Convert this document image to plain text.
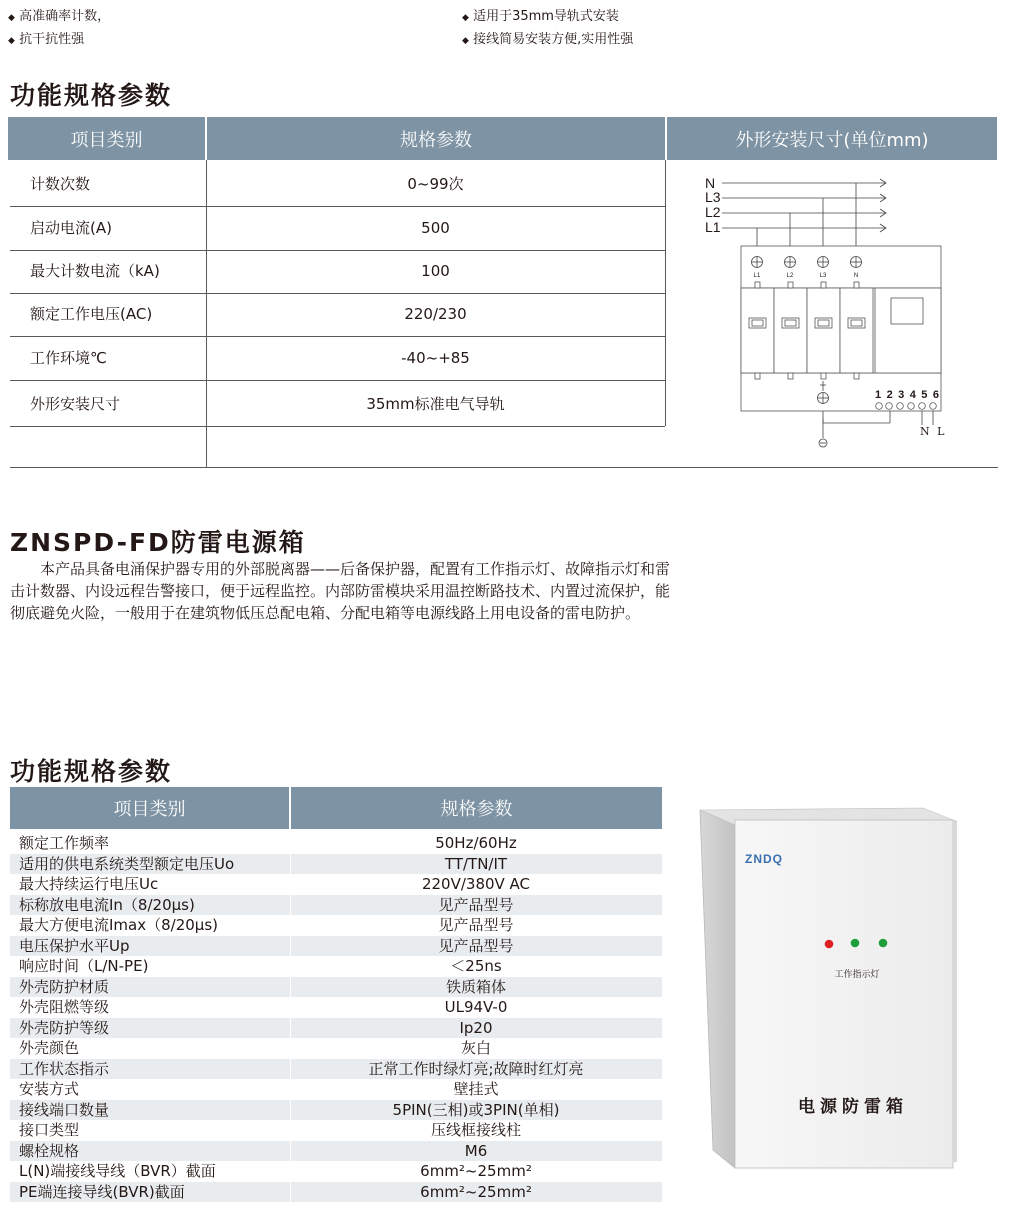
◆ 高准确率计数，
◆ 抗干抗性强
◆ 适用于35mm导轨式安装
◆ 接线简易安装方便,实用性强
功能规格参数
项目类别	规格参数	外形安装尺寸(单位mm)
计数次数	0~99次
启动电流(A)	500
最大计数电流（kA)	100
额定工作电压(AC)	220/230
工作环境℃	-40~+85
外形安装尺寸	35mm标准电气导轨
N
L3
L2
L1
L1	L2	L3	N
1 2 3 4 5 6
N L
ZNSPD-FD防雷电源箱
本产品具备电涌保护器专用的外部脱离器——后备保护器，配置有工作指示灯、故障指示灯和雷击计数器、内设远程告警接口，便于远程监控。内部防雷模块采用温控断路技术、内置过流保护，能彻底避免火险，一般用于在建筑物低压总配电箱、分配电箱等电源线路上用电设备的雷电防护。
功能规格参数
项目类别	规格参数
额定工作频率	50Hz/60Hz
适用的供电系统类型额定电压Uo	TT/TN/IT
最大持续运行电压Uc	220V/380V AC
标称放电电流In（8/20μs)	见产品型号
最大方便电流Imax（8/20μs)	见产品型号
电压保护水平Up	见产品型号
响应时间（L/N-PE)	＜25ns
外壳防护材质	铁质箱体
外壳阻燃等级	UL94V-0
外壳防护等级	Ip20
外壳颜色	灰白
工作状态指示	正常工作时绿灯亮;故障时红灯亮
安装方式	壁挂式
接线端口数量	5PIN(三相)或3PIN(单相)
接口类型	压线框接线柱
螺栓规格	M6
L(N)端接线导线（BVR）截面	6mm²~25mm²
PE端连接导线(BVR)截面	6mm²~25mm²
ZNDQ
工作指示灯
电源防雷箱
